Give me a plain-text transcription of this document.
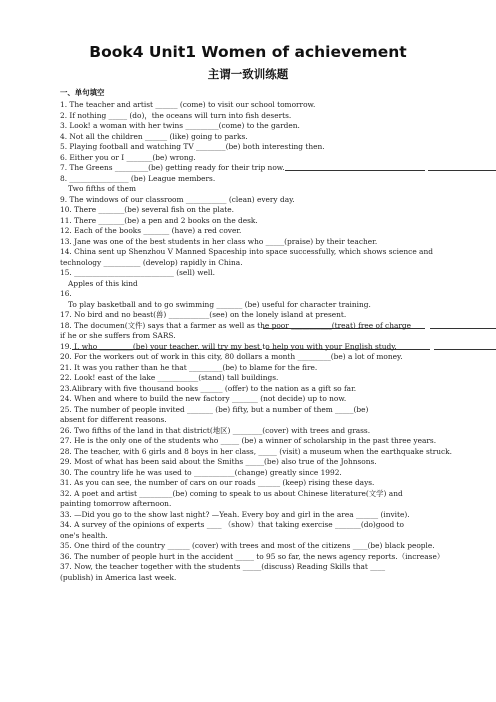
Book4 Unit1 Women of achievement
主谓一致训练题
一、单句填空
1. The teacher and artist ______ (come) to visit our school tomorrow.
2. If nothing _____ (do)，the oceans will turn into fish deserts.
3. Look! a woman with her twins _________(come) to the garden.
4. Not all the children ______ (like) going to parks.
5. Playing football and watching TV ________(be) both interesting then.
6. Either you or I _______(be) wrong.
7. The Greens _________(be) getting ready for their trip now.
8. ________________ (be) League members.
Two fifths of them
9. The windows of our classroom ___________ (clean) every day.
10. There _______(be) several fish on the plate.
11. There _______(be) a pen and 2 books on the desk.
12. Each of the books _______ (have) a red cover.
13. Jane was one of the best students in her class who _____(praise) by their teacher.
14. China sent up Shenzhou V Manned Spaceship into space successfully, which shows science and
technology __________ (develop) rapidly in China.
15. ___________________________ (sell) well.
Apples of this kind
16.
To play basketball and to go swimming _______ (be) useful for character training.
17. No bird and no beast(兽) ___________(see) on the lonely island at present.
18. The documen(文件) says that a farmer as well as the poor ___________(treat) free of charge
if he or she suffers from SARS.
19. I, who _________(be) your teacher, will try my best to help you with your English study.
20. For the workers out of work in this city, 80 dollars a month _________(be) a lot of money.
21. It was you rather than he that _________(be) to blame for the fire.
22. Look! east of the lake ___________(stand) tall buildings.
23.Alibrary with five thousand books ______ (offer) to the nation as a gift so far.
24. When and where to build the new factory _______ (not decide) up to now.
25. The number of people invited _______ (be) fifty, but a number of them _____(be)
absent for different reasons.
26. Two fifths of the land in that district(地区) ________(cover) with trees and grass.
27. He is the only one of the students who _____ (be) a winner of scholarship in the past three years.
28. The teacher, with 6 girls and 8 boys in her class, _____ (visit) a museum when the earthquake struck.
29. Most of what has been said about the Smiths _____(be) also true of the Johnsons.
30. The country life he was used to ___________(change) greatly since 1992.
31. As you can see, the number of cars on our roads ______ (keep) rising these days.
32. A poet and artist _________(be) coming to speak to us about Chinese literature(文学) and
painting tomorrow afternoon.
33. —Did you go to the show last night? —Yeah. Every boy and girl in the area ______ (invite).
34. A survey of the opinions of experts ____ （show）that taking exercise _______(do)good to
one's health.
35. One third of the country ______ (cover) with trees and most of the citizens ____(be) black people.
36. The number of people hurt in the accident _____ to 95 so far, the news agency reports.（increase）
37. Now, the teacher together with the students _____(discuss) Reading Skills that ____
(publish) in America last week.
